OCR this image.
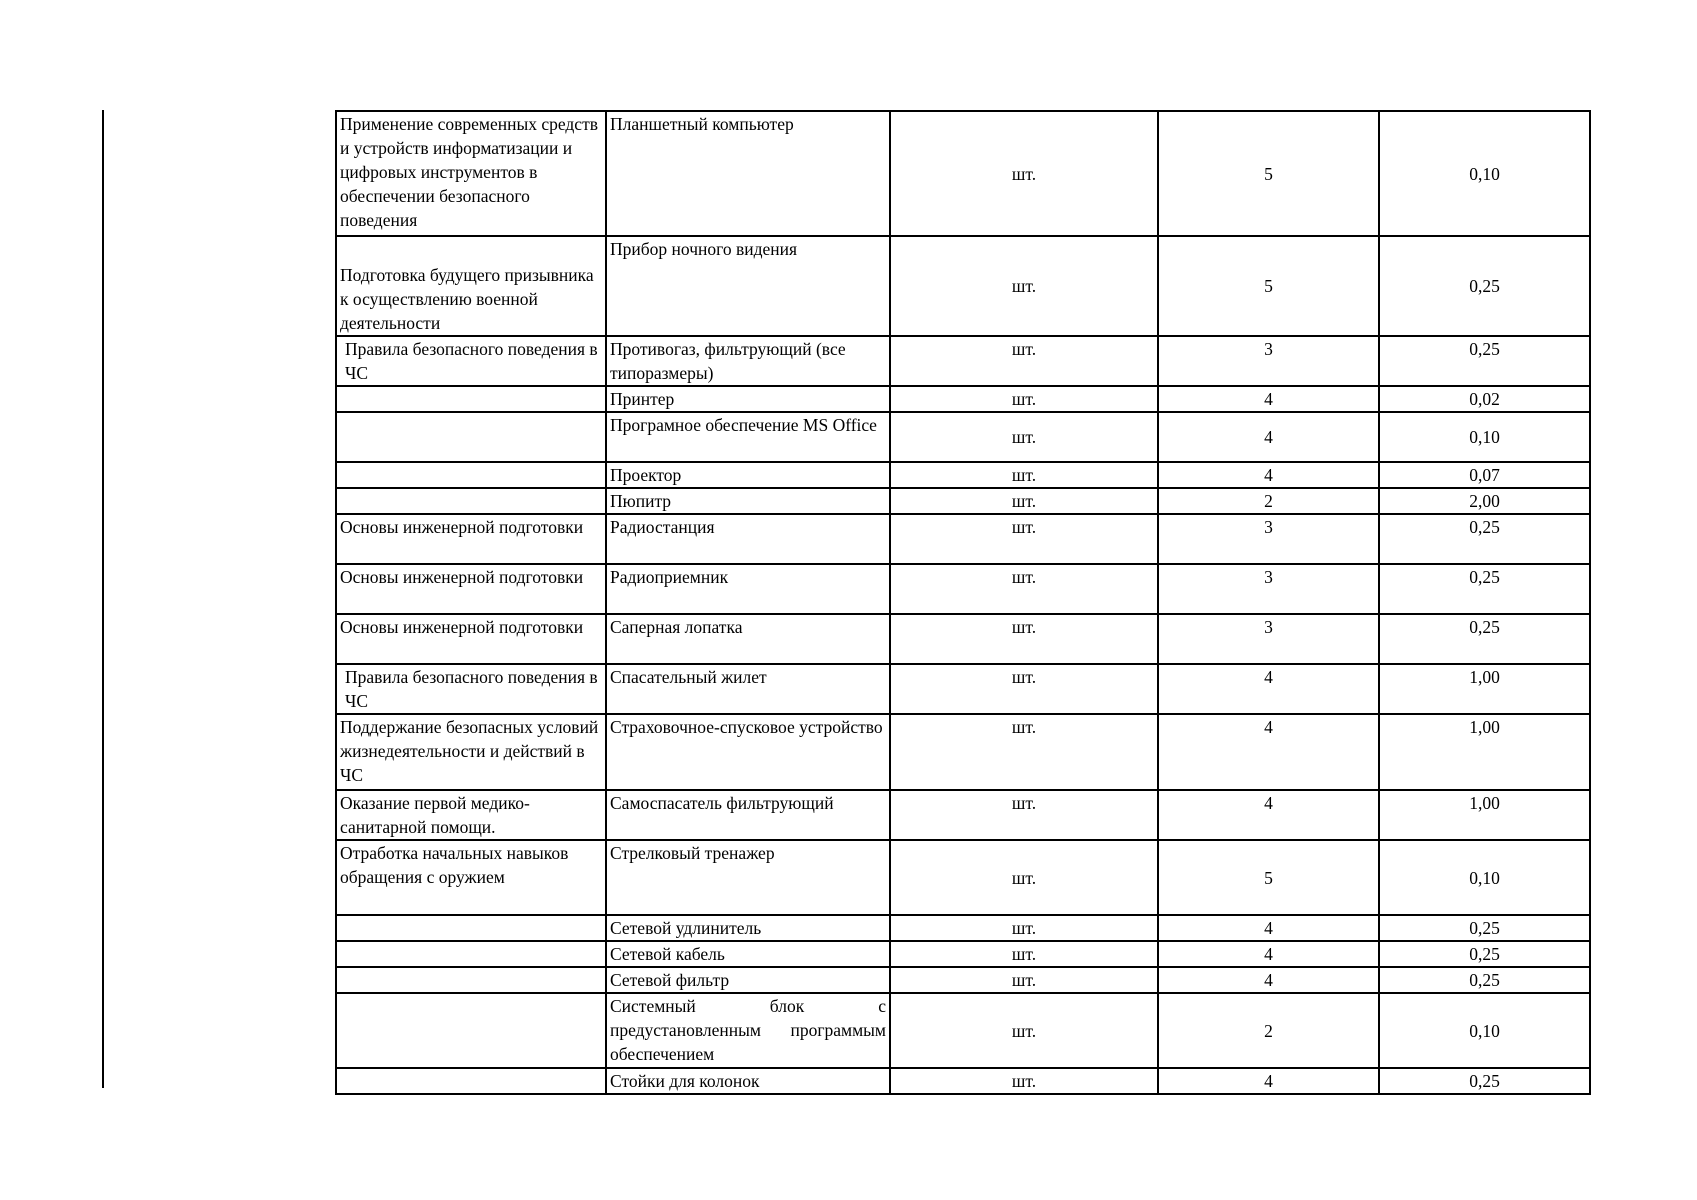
Применение современных средств и устройств информатизации и цифровых инструментов в обеспечении безопасного поведения	Планшетный компьютер	шт.	5	0,10
Подготовка будущего призывника к осуществлению военной деятельности	Прибор ночного видения	шт.	5	0,25
Правила безопасного поведения в ЧС	Противогаз, фильтрующий (все типоразмеры)	шт.	3	0,25
	Принтер	шт.	4	0,02
	Програмное обеспечение MS Office	шт.	4	0,10
	Проектор	шт.	4	0,07
	Пюпитр	шт.	2	2,00
Основы инженерной подготовки	Радиостанция	шт.	3	0,25
Основы инженерной подготовки	Радиоприемник	шт.	3	0,25
Основы инженерной подготовки	Саперная лопатка	шт.	3	0,25
Правила безопасного поведения в ЧС	Спасательный жилет	шт.	4	1,00
Поддержание безопасных условий жизнедеятельности и действий в ЧС	Страховочное-спусковое устройство	шт.	4	1,00
Оказание первой медико-санитарной помощи.	Самоспасатель фильтрующий	шт.	4	1,00
Отработка начальных навыков обращения с оружием	Стрелковый тренажер	шт.	5	0,10
	Сетевой удлинитель	шт.	4	0,25
	Сетевой кабель	шт.	4	0,25
	Сетевой фильтр	шт.	4	0,25
	Системный блок с предустановленным программым обеспечением	шт.	2	0,10
	Стойки для колонок	шт.	4	0,25
